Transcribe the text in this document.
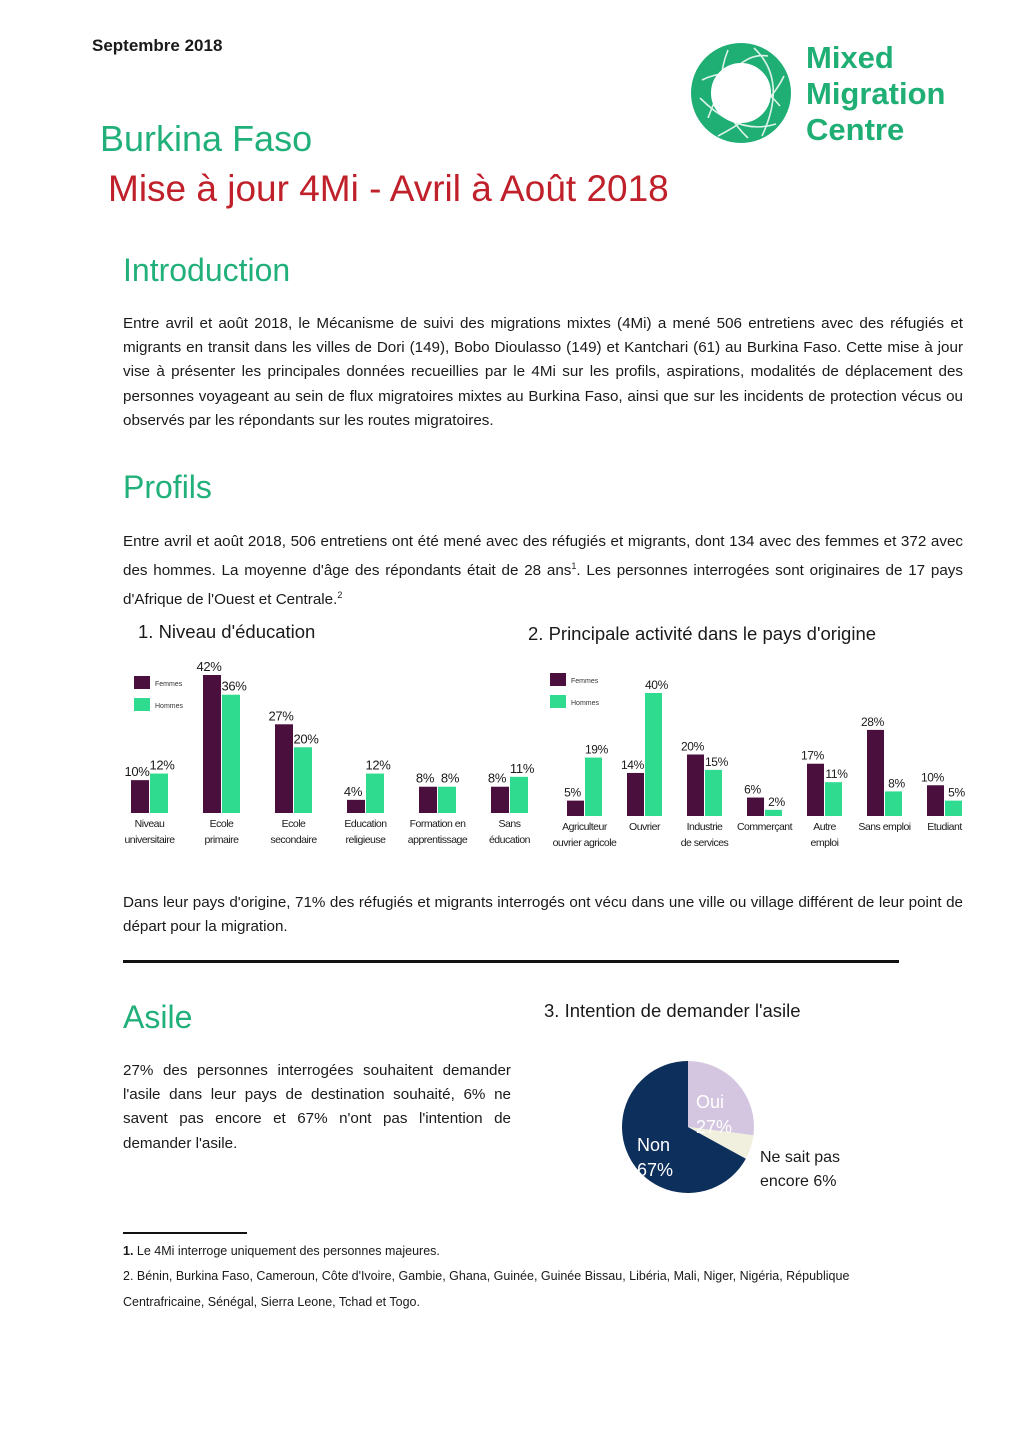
Septembre 2018	Mixed
Migration
Centre
Burkina Faso
Mise à jour 4Mi - Avril à Août 2018
Introduction
Entre avril et août 2018, le Mécanisme de suivi des migrations mixtes (4Mi) a mené 506 entretiens avec des réfugiés et migrants en transit dans les villes de Dori (149), Bobo Dioulasso (149) et Kantchari (61) au Burkina Faso. Cette mise à jour vise à présenter les principales données recueillies par le 4Mi sur les profils, aspirations, modalités de déplacement des personnes voyageant au sein de flux migratoires mixtes au Burkina Faso, ainsi que sur les incidents de protection vécus ou observés par les répondants sur les routes migratoires.
Profils
Entre avril et août 2018, 506 entretiens ont été mené avec des réfugiés et migrants, dont 134 avec des femmes et 372 avec des hommes. La moyenne d'âge des répondants était de 28 ans$^1$. Les personnes interrogées sont originaires de 17 pays d'Afrique de l'Ouest et Centrale.$^2$
1. Niveau d'éducation	2. Principale activité dans le pays d'origine
Femmes
Hommes
10% 12%
Niveau
universitaire
42%
36%
Ecole
primaire
27%
20%
Ecole
secondaire
4%
12%
Education
religieuse
8% 8%
Formation en
apprentissage
8%
11%
Sans
éducation
Femmes
Hommes
5%
19%
Agriculteur
ouvrier agricole
14%
40%
Ouvrier
20%
15%
Industrie
de services
6%
2%
Commerçant
17%
11%
Autre
emploi
28%
8%
Sans emploi
10%
5%
Etudiant
Dans leur pays d'origine, 71% des réfugiés et migrants interrogés ont vécu dans une ville ou village différent de leur point de départ pour la migration.
Asile
27% des personnes interrogées souhaitent demander l'asile dans leur pays de destination souhaité, 6% ne savent pas encore et 67% n'ont pas l'intention de demander l'asile.
3. Intention de demander l'asile
Oui
27%
Non
67%
Ne sait pas
encore 6%
1. Le 4Mi interroge uniquement des personnes majeures.
2. Bénin, Burkina Faso, Cameroun, Côte d'Ivoire, Gambie, Ghana, Guinée, Guinée Bissau, Libéria, Mali, Niger, Nigéria, République Centrafricaine, Sénégal, Sierra Leone, Tchad et Togo.
